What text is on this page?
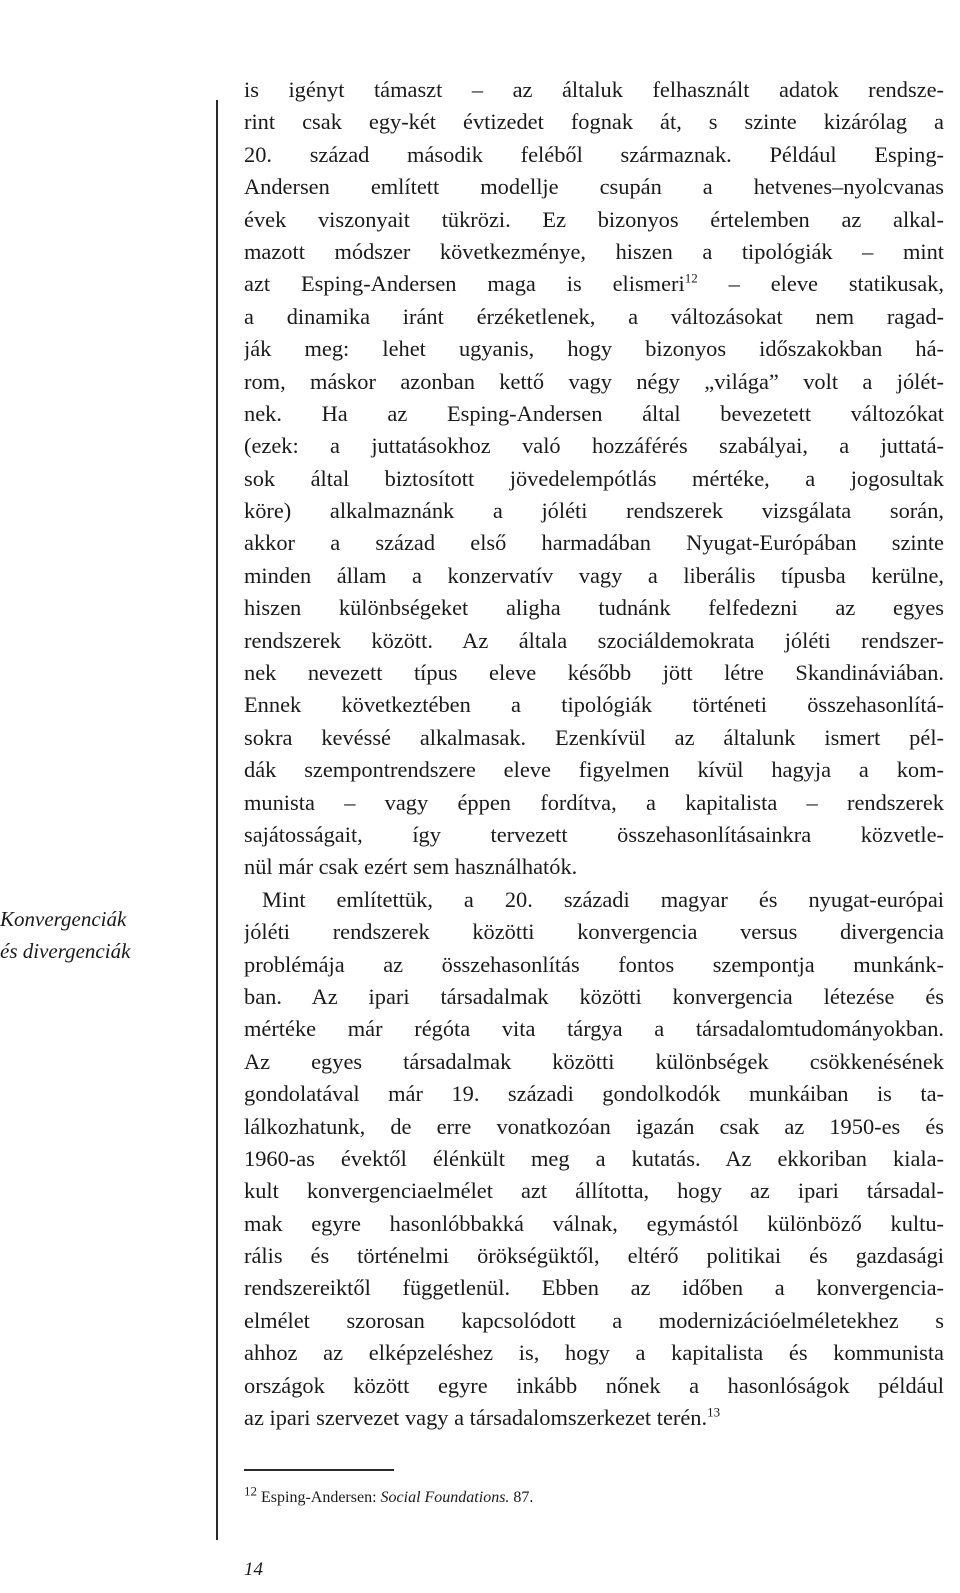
Konvergenciák
és divergenciák
is igényt támaszt – az általuk felhasznált adatok rendsze-
rint csak egy-két évtizedet fognak át, s szinte kizárólag a
20. század második feléből származnak. Például Esping-
Andersen említett modellje csupán a hetvenes–nyolcvanas
évek viszonyait tükrözi. Ez bizonyos értelemben az alkal-
mazott módszer következménye, hiszen a tipológiák – mint
azt Esping-Andersen maga is elismeri$^{12}$ – eleve statikusak,
a dinamika iránt érzéketlenek, a változásokat nem ragad-
ják meg: lehet ugyanis, hogy bizonyos időszakokban há-
rom, máskor azonban kettő vagy négy „világa” volt a jólét-
nek. Ha az Esping-Andersen által bevezetett változókat
(ezek: a juttatásokhoz való hozzáférés szabályai, a juttatá-
sok által biztosított jövedelempótlás mértéke, a jogosultak
köre) alkalmaznánk a jóléti rendszerek vizsgálata során,
akkor a század első harmadában Nyugat-Európában szinte
minden állam a konzervatív vagy a liberális típusba kerülne,
hiszen különbségeket aligha tudnánk felfedezni az egyes
rendszerek között. Az általa szociáldemokrata jóléti rendszer-
nek nevezett típus eleve később jött létre Skandináviában.
Ennek következtében a tipológiák történeti összehasonlítá-
sokra kevéssé alkalmasak. Ezenkívül az általunk ismert pél-
dák szempontrendszere eleve figyelmen kívül hagyja a kom-
munista – vagy éppen fordítva, a kapitalista – rendszerek
sajátosságait, így tervezett összehasonlításainkra közvetle-
nül már csak ezért sem használhatók.
Mint említettük, a 20. századi magyar és nyugat-európai
jóléti rendszerek közötti konvergencia versus divergencia
problémája az összehasonlítás fontos szempontja munkánk-
ban. Az ipari társadalmak közötti konvergencia létezése és
mértéke már régóta vita tárgya a társadalomtudományokban.
Az egyes társadalmak közötti különbségek csökkenésének
gondolatával már 19. századi gondolkodók munkáiban is ta-
lálkozhatunk, de erre vonatkozóan igazán csak az 1950-es és
1960-as évektől élénkült meg a kutatás. Az ekkoriban kiala-
kult konvergenciaelmélet azt állította, hogy az ipari társadal-
mak egyre hasonlóbbakká válnak, egymástól különböző kultu-
rális és történelmi örökségüktől, eltérő politikai és gazdasági
rendszereiktől függetlenül. Ebben az időben a konvergencia-
elmélet szorosan kapcsolódott a modernizációelméletekhez s
ahhoz az elképzeléshez is, hogy a kapitalista és kommunista
országok között egyre inkább nőnek a hasonlóságok például
az ipari szervezet vagy a társadalomszerkezet terén.$^{13}$
$^{12}$ Esping-Andersen: Social Foundations. 87.
14
